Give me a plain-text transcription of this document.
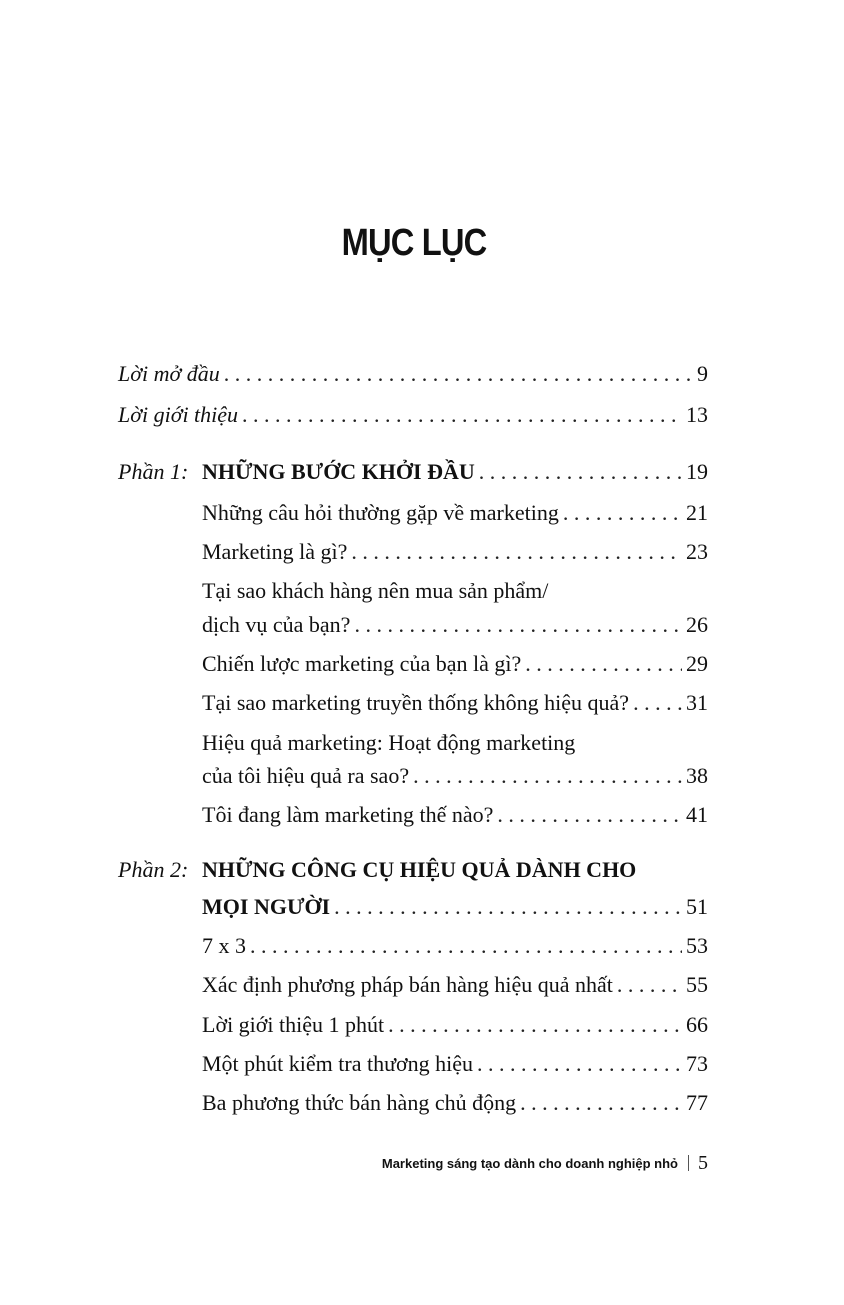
MỤC LỤC
Lời mở đầu . . .	9
Lời giới thiệu . . .	13
Phần 1: NHỮNG BƯỚC KHỞI ĐẦU . . .	19
Những câu hỏi thường gặp về marketing . . .	21
Marketing là gì? . . .	23
Tại sao khách hàng nên mua sản phẩm/
dịch vụ của bạn? . . .	26
Chiến lược marketing của bạn là gì? . . .	29
Tại sao marketing truyền thống không hiệu quả? . . .	31
Hiệu quả marketing: Hoạt động marketing
của tôi hiệu quả ra sao? . . .	38
Tôi đang làm marketing thế nào? . . .	41
Phần 2: NHỮNG CÔNG CỤ HIỆU QUẢ DÀNH CHO
MỌI NGƯỜI . . .	51
7 x 3 . . .	53
Xác định phương pháp bán hàng hiệu quả nhất . . .	55
Lời giới thiệu 1 phút . . .	66
Một phút kiểm tra thương hiệu . . .	73
Ba phương thức bán hàng chủ động . . .	77
Marketing sáng tạo dành cho doanh nghiệp nhỏ 5
